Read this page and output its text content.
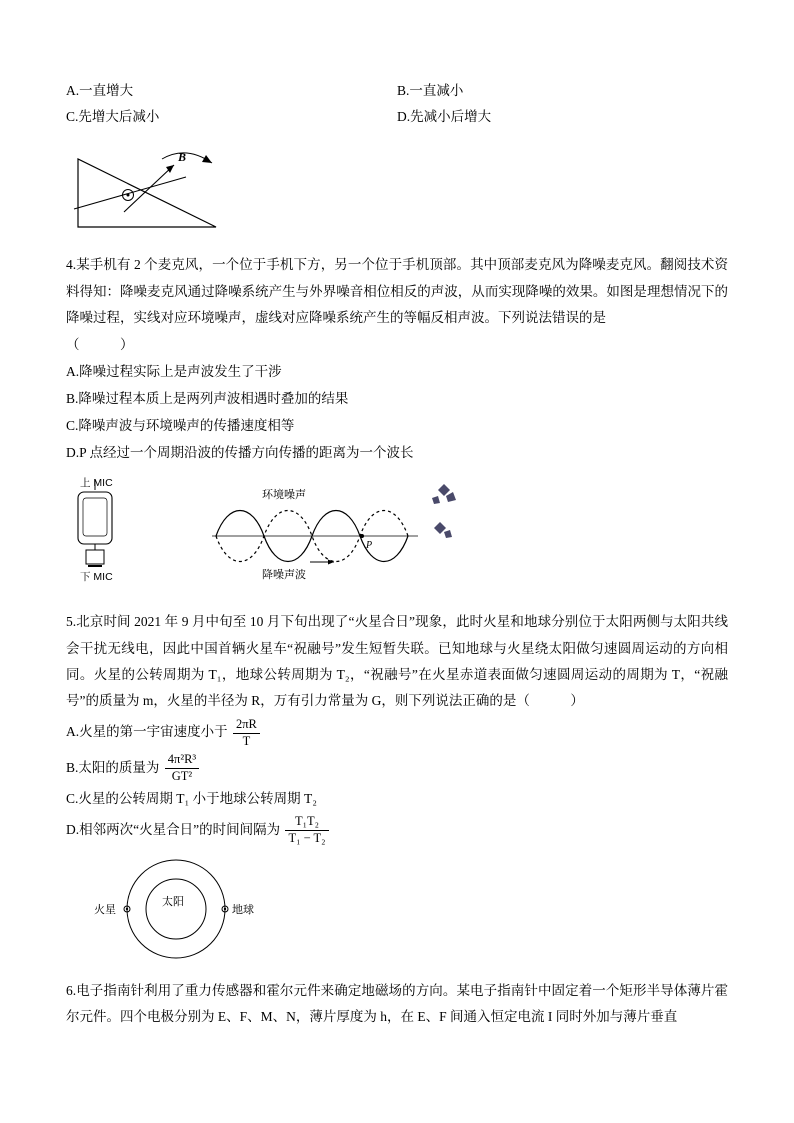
A.一直增大	B.一直减小
C.先增大后减小	D.先减小后增大
B
4.某手机有 2 个麦克风，一个位于手机下方，另一个位于手机顶部。其中顶部麦克风为降噪麦克风。翻阅技术资料得知：降噪麦克风通过降噪系统产生与外界噪音相位相反的声波，从而实现降噪的效果。如图是理想情况下的降噪过程，实线对应环境噪声，虚线对应降噪系统产生的等幅反相声波。下列说法错误的是
（　　　）
A.降噪过程实际上是声波发生了干涉
B.降噪过程本质上是两列声波相遇时叠加的结果
C.降噪声波与环境噪声的传播速度相等
D.P 点经过一个周期沿波的传播方向传播的距离为一个波长
上 MIC
下 MIC
环境噪声
降噪声波
P
5.北京时间 2021 年 9 月中旬至 10 月下旬出现了“火星合日”现象，此时火星和地球分别位于太阳两侧与太阳共线会干扰无线电，因此中国首辆火星车“祝融号”发生短暂失联。已知地球与火星绕太阳做匀速圆周运动的方向相同。火星的公转周期为 T₁，地球公转周期为 T₂，“祝融号”在火星赤道表面做匀速圆周运动的周期为 T，“祝融号”的质量为 m，火星的半径为 R，万有引力常量为 G，则下列说法正确的是（　　　）
A.火星的第一宇宙速度小于 $\frac{2\pi R}{T}$
B.太阳的质量为 $\frac{\text{4π²R³}}{\text{GT²}}$
C.火星的公转周期 T₁ 小于地球公转周期 T₂
D.相邻两次“火星合日”的时间间隔为 $\frac{\text{T₁T₂}}{\text{T₁ − T₂}}$
太阳
火星	地球
6.电子指南针利用了重力传感器和霍尔元件来确定地磁场的方向。某电子指南针中固定着一个矩形半导体薄片霍尔元件。四个电极分别为 E、F、M、N，薄片厚度为 h，在 E、F 间通入恒定电流 I 同时外加与薄片垂直
